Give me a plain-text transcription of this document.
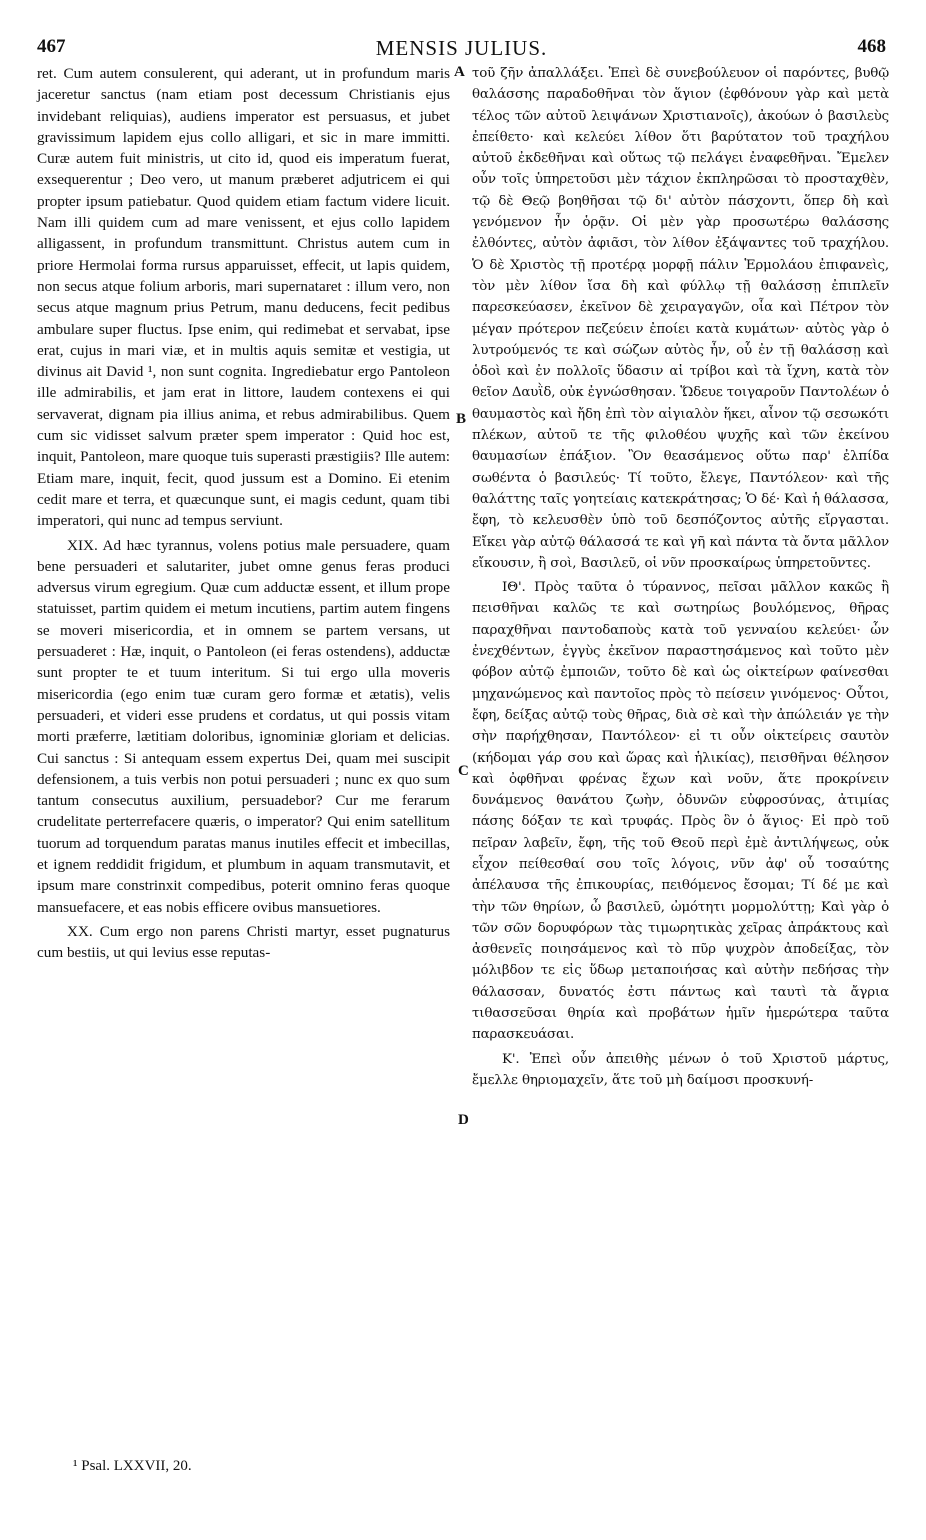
467	MENSIS JULIUS.	468

ret. Cum autem consulerent, qui aderant, ut in profundum maris jaceretur sanctus (nam etiam post decessum Christianis ejus invidebant reliquias), audiens imperator est persuasus, et jubet gravissimum lapidem ejus collo alligari, et sic in mare immitti. Curæ autem fuit ministris, ut cito id, quod eis imperatum fuerat, exsequerentur ; Deo vero, ut manum præberet adjutricem ei qui propter ipsum patiebatur. Quod quidem etiam factum videre licuit. Nam illi quidem cum ad mare venissent, et ejus collo lapidem alligassent, in profundum transmittunt. Christus autem cum in priore Hermolai forma rursus apparuisset, effecit, ut lapis quidem, non secus atque folium arboris, mari supernataret : illum vero, non secus atque magnum prius Petrum, manu deducens, fecit pedibus ambulare super fluctus. Ipse enim, qui redimebat et servabat, ipse erat, cujus in mari viæ, et in multis aquis semitæ et vestigia, ut divinus ait David ¹, non sunt cognita. Ingrediebatur ergo Pantoleon ille admirabilis, et jam erat in littore, laudem contexens ei qui servaverat, dignam pia illius anima, et rebus admirabilibus. Quem cum sic vidisset salvum præter spem imperator : Quid hoc est, inquit, Pantoleon, mare quoque tuis superasti præstigiis? Ille autem: Etiam mare, inquit, fecit, quod jussum est a Domino. Ei etenim cedit mare et terra, et quæcunque sunt, ei magis cedunt, quam tibi imperatori, qui nunc ad tempus serviunt.

XIX. Ad hæc tyrannus, volens potius male persuadere, quam bene persuaderi et salutariter, jubet omne genus feras produci adversus virum egregium. Quæ cum adductæ essent, et illum prope statuisset, partim quidem ei metum incutiens, partim autem fingens se moveri misericordia, et in omnem se partem versans, ut persuaderet : Hæ, inquit, o Pantoleon (ei feras ostendens), adductæ sunt propter te et tuum interitum. Si tui ergo ulla moveris misericordia (ego enim tuæ curam gero formæ et ætatis), velis persuaderi, et videri esse prudens et cordatus, ut qui possis vitam morti præferre, lætitiam doloribus, ignominiæ gloriam et delicias. Cui sanctus : Si antequam essem expertus Dei, quam mei suscipit defensionem, a tuis verbis non potui persuaderi ; nunc ex quo sum tantum consecutus auxilium, persuadebor? Cur me ferarum crudelitate perterrefacere quæris, o imperator? Qui enim satellitum tuorum ad torquendum paratas manus inutiles effecit et imbecillas, et ignem reddidit frigidum, et plumbum in aquam transmutavit, et ipsum mare constrinxit compedibus, poterit omnino feras quoque mansuefacere, et eas nobis efficere ovibus mansuetiores.

XX. Cum ergo non parens Christi martyr, esset pugnaturus cum bestiis, ut qui levius esse reputas-

A
B
C
D

τοῦ ζῆν ἀπαλλάξει. Ἐπεὶ δὲ συνεβούλευον οἱ παρόντες, βυθῷ θαλάσσης παραδοθῆναι τὸν ἅγιον (ἐφθόνουν γὰρ καὶ μετὰ τέλος τῶν αὐτοῦ λειψάνων Χριστιανοῖς), ἀκούων ὁ βασιλεὺς ἐπείθετο· καὶ κελεύει λίθον ὅτι βαρύτατον τοῦ τραχήλου αὐτοῦ ἐκδεθῆναι καὶ οὕτως τῷ πελάγει ἐναφεθῆναι. Ἔμελεν οὖν τοῖς ὑπηρετοῦσι μὲν τάχιον ἐκπληρῶσαι τὸ προσταχθὲν, τῷ δὲ Θεῷ βοηθῆσαι τῷ δι' αὐτὸν πάσχοντι, ὅπερ δὴ καὶ γενόμενον ἦν ὁρᾷν. Οἱ μὲν γὰρ προσωτέρω θαλάσσης ἐλθόντες, αὐτὸν ἀφιᾶσι, τὸν λίθον ἐξάψαντες τοῦ τραχήλου. Ὁ δὲ Χριστὸς τῇ προτέρᾳ μορφῇ πάλιν Ἑρμολάου ἐπιφανεὶς, τὸν μὲν λίθον ἴσα δὴ καὶ φύλλῳ τῇ θαλάσσῃ ἐπιπλεῖν παρεσκεύασεν, ἐκεῖνον δὲ χειραγαγῶν, οἷα καὶ Πέτρον τὸν μέγαν πρότερον πεζεύειν ἐποίει κατὰ κυμάτων· αὐτὸς γὰρ ὁ λυτρούμενός τε καὶ σώζων αὐτὸς ἦν, οὗ ἐν τῇ θαλάσσῃ καὶ ὁδοὶ καὶ ἐν πολλοῖς ὕδασιν αἱ τρίβοι καὶ τὰ ἴχνη, κατὰ τὸν θεῖον Δαυῒδ, οὐκ ἐγνώσθησαν. Ὥδευε τοιγαροῦν Παντολέων ὁ θαυμαστὸς καὶ ἤδη ἐπὶ τὸν αἰγιαλὸν ἥκει, αἶνον τῷ σεσωκότι πλέκων, αὐτοῦ τε τῆς φιλοθέου ψυχῆς καὶ τῶν ἐκείνου θαυμασίων ἐπάξιον. Ὃν θεασάμενος οὕτω παρ' ἐλπίδα σωθέντα ὁ βασιλεύς· Τί τοῦτο, ἔλεγε, Παντόλεον· καὶ τῆς θαλάττης ταῖς γοητείαις κατεκράτησας; Ὁ δέ· Καὶ ἡ θάλασσα, ἔφη, τὸ κελευσθὲν ὑπὸ τοῦ δεσπόζοντος αὐτῆς εἴργασται. Εἴκει γὰρ αὐτῷ θάλασσά τε καὶ γῆ καὶ πάντα τὰ ὄντα μᾶλλον εἴκουσιν, ἢ σοὶ, Βασιλεῦ, οἱ νῦν προσκαίρως ὑπηρετοῦντες.

ΙΘ'. Πρὸς ταῦτα ὁ τύραννος, πεῖσαι μᾶλλον κακῶς ἢ πεισθῆναι καλῶς τε καὶ σωτηρίως βουλόμενος, θῆρας παραχθῆναι παντοδαποὺς κατὰ τοῦ γενναίου κελεύει· ὧν ἐνεχθέντων, ἐγγὺς ἐκεῖνον παραστησάμενος καὶ τοῦτο μὲν φόβον αὐτῷ ἐμποιῶν, τοῦτο δὲ καὶ ὡς οἰκτείρων φαίνεσθαι μηχανώμενος καὶ παντοῖος πρὸς τὸ πείσειν γινόμενος· Οὗτοι, ἔφη, δείξας αὐτῷ τοὺς θῆρας, διὰ σὲ καὶ τὴν ἀπώλειάν γε τὴν σὴν παρήχθησαν, Παντόλεον· εἰ τι οὖν οἰκτείρεις σαυτὸν (κήδομαι γάρ σου καὶ ὥρας καὶ ἡλικίας), πεισθῆναι θέλησον καὶ ὀφθῆναι φρένας ἔχων καὶ νοῦν, ἅτε προκρίνειν δυνάμενος θανάτου ζωὴν, ὀδυνῶν εὐφροσύνας, ἀτιμίας πάσης δόξαν τε καὶ τρυφάς. Πρὸς ὃν ὁ ἅγιος· Εἰ πρὸ τοῦ πεῖραν λαβεῖν, ἔφη, τῆς τοῦ Θεοῦ περὶ ἐμὲ ἀντιλήψεως, οὐκ εἶχον πείθεσθαί σου τοῖς λόγοις, νῦν ἀφ' οὗ τοσαύτης ἀπέλαυσα τῆς ἐπικουρίας, πειθόμενος ἔσομαι; Τί δέ με καὶ τὴν τῶν θηρίων, ὦ βασιλεῦ, ὠμότητι μορμολύττῃ; Καὶ γὰρ ὁ τῶν σῶν δορυφόρων τὰς τιμωρητικὰς χεῖρας ἀπράκτους καὶ ἀσθενεῖς ποιησάμενος καὶ τὸ πῦρ ψυχρὸν ἀποδείξας, τὸν μόλιβδον τε εἰς ὕδωρ μεταποιήσας καὶ αὐτὴν πεδήσας τὴν θάλασσαν, δυνατός ἐστι πάντως καὶ ταυτὶ τὰ ἄγρια τιθασσεῦσαι θηρία καὶ προβάτων ἡμῖν ἡμερώτερα ταῦτα παρασκευάσαι.

Κ'. Ἐπεὶ οὖν ἀπειθὴς μένων ὁ τοῦ Χριστοῦ μάρτυς, ἔμελλε θηριομαχεῖν, ἅτε τοῦ μὴ δαίμοσι προσκυνή-

¹ Psal. LXXVII, 20.
